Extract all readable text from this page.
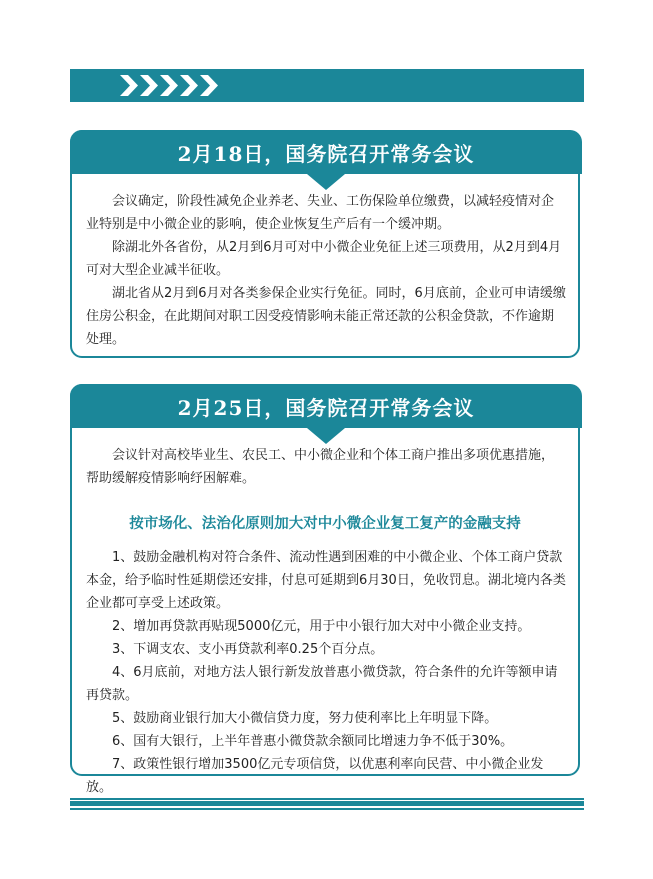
2月18日，国务院召开常务会议

会议确定，阶段性减免企业养老、失业、工伤保险单位缴费，以减轻疫情对企业特别是中小微企业的影响，使企业恢复生产后有一个缓冲期。

除湖北外各省份，从2月到6月可对中小微企业免征上述三项费用，从2月到4月可对大型企业减半征收。

湖北省从2月到6月对各类参保企业实行免征。同时，6月底前，企业可申请缓缴住房公积金，在此期间对职工因受疫情影响未能正常还款的公积金贷款，不作逾期处理。

2月25日，国务院召开常务会议

会议针对高校毕业生、农民工、中小微企业和个体工商户推出多项优惠措施，帮助缓解疫情影响纾困解难。

按市场化、法治化原则加大对中小微企业复工复产的金融支持

1、鼓励金融机构对符合条件、流动性遇到困难的中小微企业、个体工商户贷款本金，给予临时性延期偿还安排，付息可延期到6月30日，免收罚息。湖北境内各类企业都可享受上述政策。

2、增加再贷款再贴现5000亿元，用于中小银行加大对中小微企业支持。

3、下调支农、支小再贷款利率0.25个百分点。

4、6月底前，对地方法人银行新发放普惠小微贷款，符合条件的允许等额申请再贷款。

5、鼓励商业银行加大小微信贷力度，努力使利率比上年明显下降。

6、国有大银行，上半年普惠小微贷款余额同比增速力争不低于30%。

7、政策性银行增加3500亿元专项信贷，以优惠利率向民营、中小微企业发放。
